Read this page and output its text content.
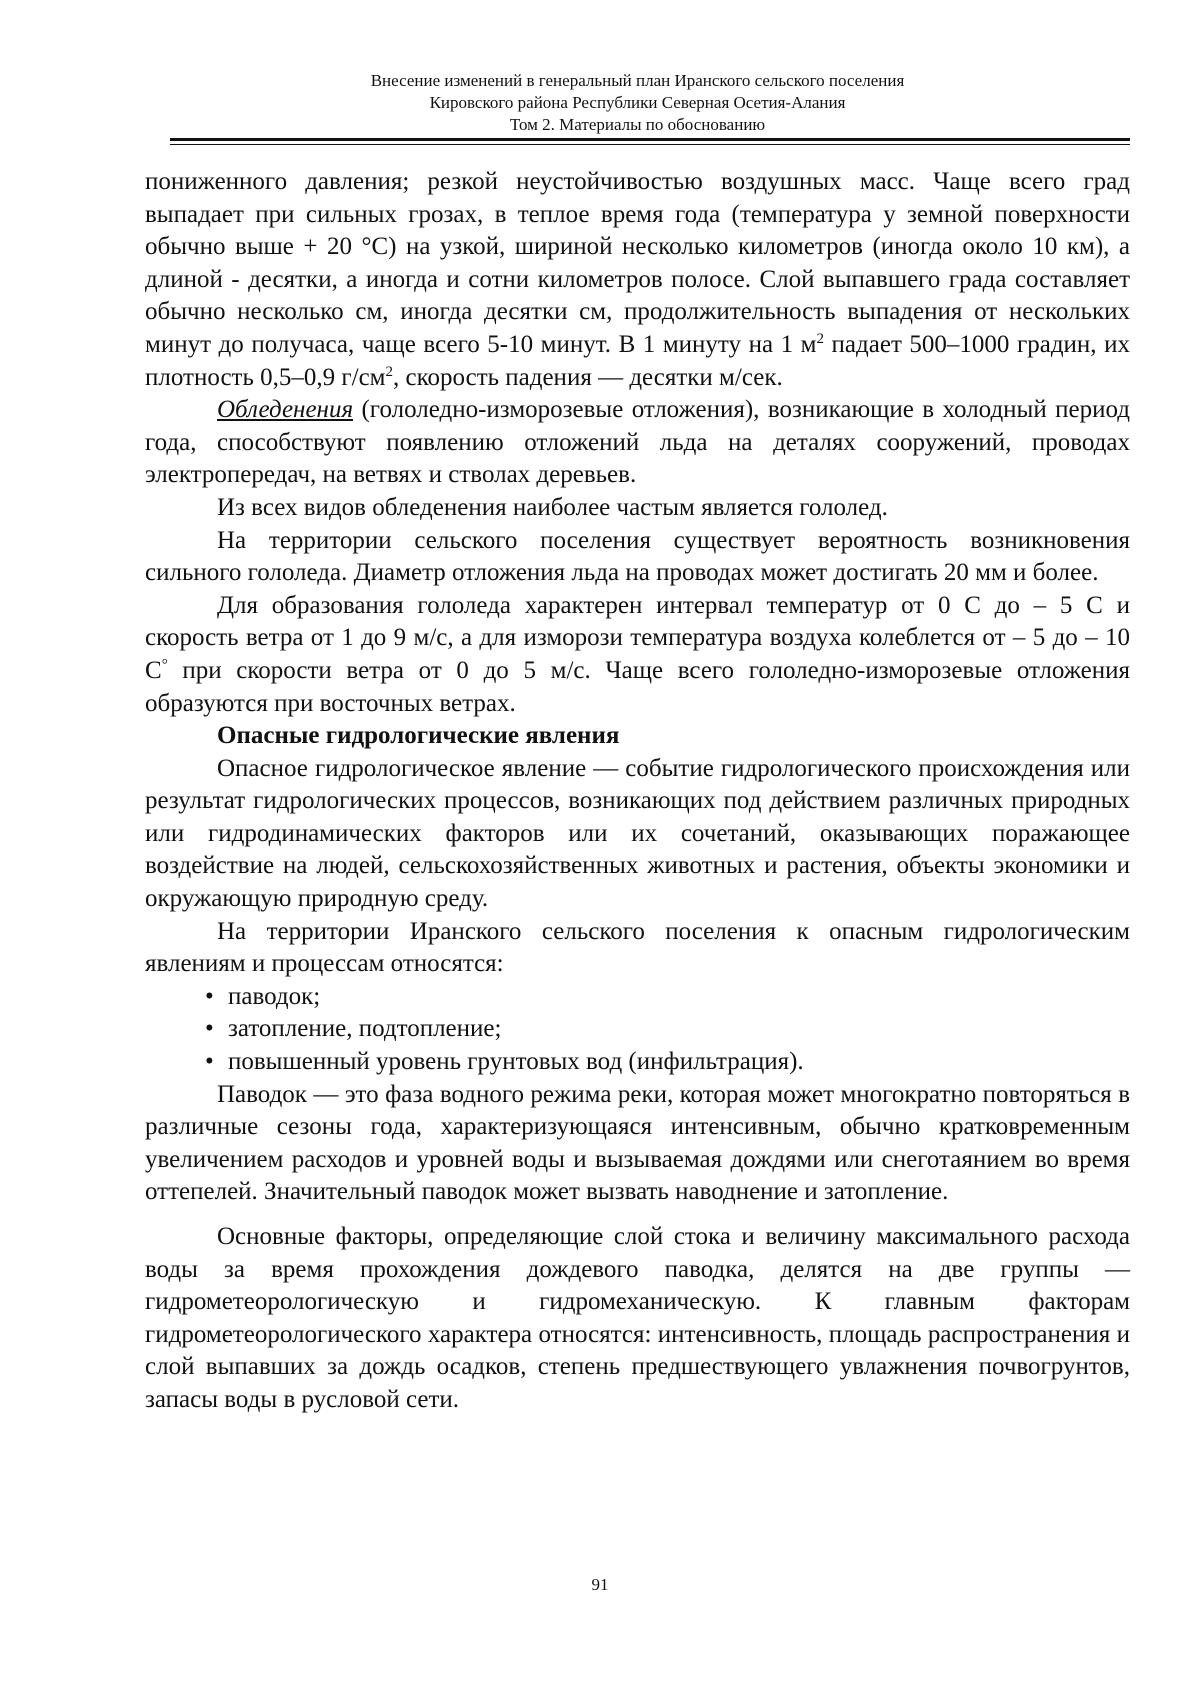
Внесение изменений в генеральный план Иранского сельского поселения
Кировского района Республики Северная Осетия-Алания
Том 2. Материалы по обоснованию

пониженного давления; резкой неустойчивостью воздушных масс. Чаще всего град выпадает при сильных грозах, в теплое время года (температура у земной поверхности обычно выше + 20 °С) на узкой, шириной несколько километров (иногда около 10 км), а длиной - десятки, а иногда и сотни километров полосе. Слой выпавшего града составляет обычно несколько см, иногда десятки см, продолжительность выпадения от нескольких минут до получаса, чаще всего 5-10 минут. В 1 минуту на 1 $м^2$ падает 500–1000 градин, их плотность 0,5–0,9 $г/см^2$, скорость падения — десятки м/сек.

Обледенения (гололедно-изморозевые отложения), возникающие в холодный период года, способствуют появлению отложений льда на деталях сооружений, проводах электропередач, на ветвях и стволах деревьев.

Из всех видов обледенения наиболее частым является гололед.

На территории сельского поселения существует вероятность возникновения сильного гололеда. Диаметр отложения льда на проводах может достигать 20 мм и более.

Для образования гололеда характерен интервал температур от 0 С до – 5 С и скорость ветра от 1 до 9 м/с, а для изморози температура воздуха колеблется от – 5 до – 10 С° при скорости ветра от 0 до 5 м/с. Чаще всего гололедно-изморозевые отложения образуются при восточных ветрах.

Опасные гидрологические явления

Опасное гидрологическое явление — событие гидрологического происхождения или результат гидрологических процессов, возникающих под действием различных природных или гидродинамических факторов или их сочетаний, оказывающих поражающее воздействие на людей, сельскохозяйственных животных и растения, объекты экономики и окружающую природную среду.

На территории Иранского сельского поселения к опасным гидрологическим явлениям и процессам относятся:

• паводок;
• затопление, подтопление;
• повышенный уровень грунтовых вод (инфильтрация).

Паводок — это фаза водного режима реки, которая может многократно повторяться в различные сезоны года, характеризующаяся интенсивным, обычно кратковременным увеличением расходов и уровней воды и вызываемая дождями или снеготаянием во время оттепелей. Значительный паводок может вызвать наводнение и затопление.

Основные факторы, определяющие слой стока и величину максимального расхода воды за время прохождения дождевого паводка, делятся на две группы — гидрометеорологическую и гидромеханическую. К главным факторам гидрометеорологического характера относятся: интенсивность, площадь распространения и слой выпавших за дождь осадков, степень предшествующего увлажнения почвогрунтов, запасы воды в русловой сети.

91
